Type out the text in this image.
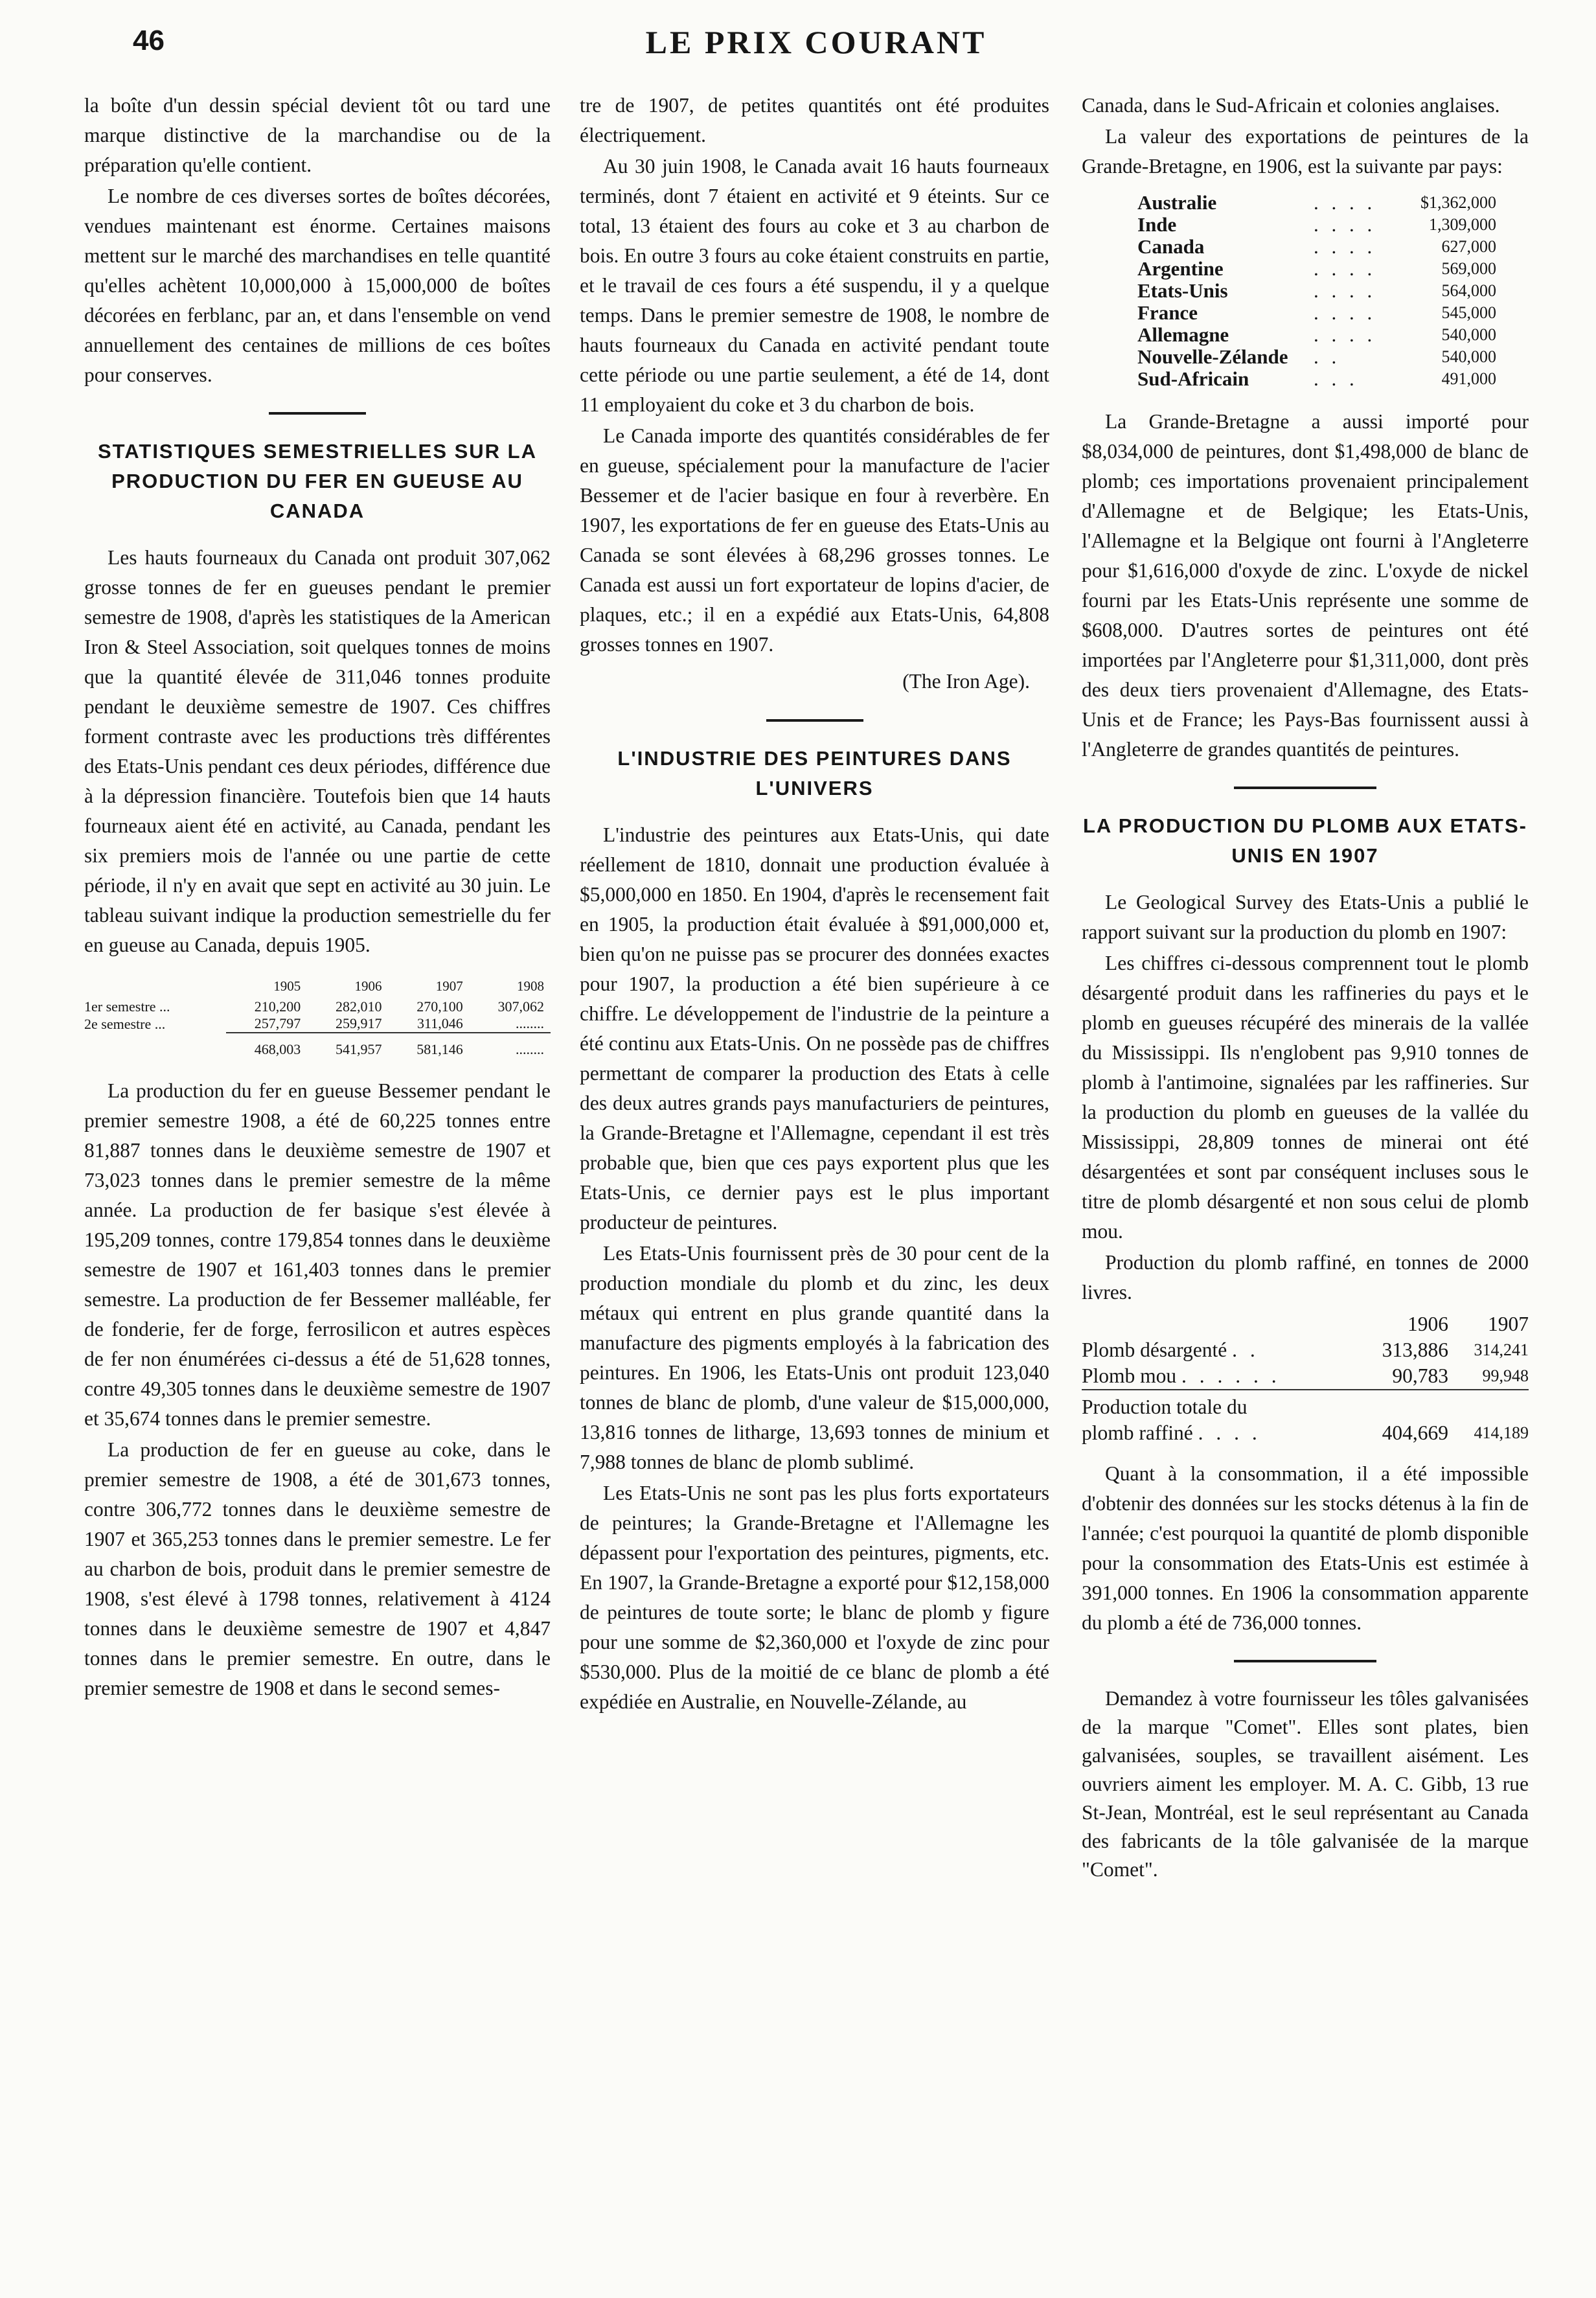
46	LE PRIX COURANT

la boîte d'un dessin spécial devient tôt ou tard une marque distinctive de la marchandise ou de la préparation qu'elle contient.

Le nombre de ces diverses sortes de boîtes décorées, vendues maintenant est énorme. Certaines maisons mettent sur le marché des marchandises en telle quantité qu'elles achètent 10,000,000 à 15,000,000 de boîtes décorées en ferblanc, par an, et dans l'ensemble on vend annuellement des centaines de millions de ces boîtes pour conserves.

STATISTIQUES SEMESTRIELLES SUR LA PRODUCTION DU FER EN GUEUSE AU CANADA

Les hauts fourneaux du Canada ont produit 307,062 grosse tonnes de fer en gueuses pendant le premier semestre de 1908, d'après les statistiques de la American Iron & Steel Association, soit quelques tonnes de moins que la quantité élevée de 311,046 tonnes produite pendant le deuxième semestre de 1907. Ces chiffres forment contraste avec les productions très différentes des Etats-Unis pendant ces deux périodes, différence due à la dépression financière. Toutefois bien que 14 hauts fourneaux aient été en activité, au Canada, pendant les six premiers mois de l'année ou une partie de cette période, il n'y en avait que sept en activité au 30 juin. Le tableau suivant indique la production semestrielle du fer en gueuse au Canada, depuis 1905.

	1905	1906	1907	1908
1er semestre ...	210,200	282,010	270,100	307,062
2e semestre ...	257,797	259,917	311,046	........
	468,003	541,957	581,146	........

La production du fer en gueuse Bessemer pendant le premier semestre 1908, a été de 60,225 tonnes entre 81,887 tonnes dans le deuxième semestre de 1907 et 73,023 tonnes dans le premier semestre de la même année. La production de fer basique s'est élevée à 195,209 tonnes, contre 179,854 tonnes dans le deuxième semestre de 1907 et 161,403 tonnes dans le premier semestre. La production de fer Bessemer malléable, fer de fonderie, fer de forge, ferrosilicon et autres espèces de fer non énumérées ci-dessus a été de 51,628 tonnes, contre 49,305 tonnes dans le deuxième semestre de 1907 et 35,674 tonnes dans le premier semestre.

La production de fer en gueuse au coke, dans le premier semestre de 1908, a été de 301,673 tonnes, contre 306,772 tonnes dans le deuxième semestre de 1907 et 365,253 tonnes dans le premier semestre. Le fer au charbon de bois, produit dans le premier semestre de 1908, s'est élevé à 1798 tonnes, relativement à 4124 tonnes dans le deuxième semestre de 1907 et 4,847 tonnes dans le premier semestre. En outre, dans le premier semestre de 1908 et dans le second semes-

tre de 1907, de petites quantités ont été produites électriquement.

Au 30 juin 1908, le Canada avait 16 hauts fourneaux terminés, dont 7 étaient en activité et 9 éteints. Sur ce total, 13 étaient des fours au coke et 3 au charbon de bois. En outre 3 fours au coke étaient construits en partie, et le travail de ces fours a été suspendu, il y a quelque temps. Dans le premier semestre de 1908, le nombre de hauts fourneaux du Canada en activité pendant toute cette période ou une partie seulement, a été de 14, dont 11 employaient du coke et 3 du charbon de bois.

Le Canada importe des quantités considérables de fer en gueuse, spécialement pour la manufacture de l'acier Bessemer et de l'acier basique en four à reverbère. En 1907, les exportations de fer en gueuse des Etats-Unis au Canada se sont élevées à 68,296 grosses tonnes. Le Canada est aussi un fort exportateur de lopins d'acier, de plaques, etc.; il en a expédié aux Etats-Unis, 64,808 grosses tonnes en 1907.

(The Iron Age).
L'INDUSTRIE DES PEINTURES DANS L'UNIVERS

L'industrie des peintures aux Etats-Unis, qui date réellement de 1810, donnait une production évaluée à $5,000,000 en 1850. En 1904, d'après le recensement fait en 1905, la production était évaluée à $91,000,000 et, bien qu'on ne puisse pas se procurer des données exactes pour 1907, la production a été bien supérieure à ce chiffre. Le développement de l'industrie de la peinture a été continu aux Etats-Unis. On ne possède pas de chiffres permettant de comparer la production des Etats à celle des deux autres grands pays manufacturiers de peintures, la Grande-Bretagne et l'Allemagne, cependant il est très probable que, bien que ces pays exportent plus que les Etats-Unis, ce dernier pays est le plus important producteur de peintures.

Les Etats-Unis fournissent près de 30 pour cent de la production mondiale du plomb et du zinc, les deux métaux qui entrent en plus grande quantité dans la manufacture des pigments employés à la fabrication des peintures. En 1906, les Etats-Unis ont produit 123,040 tonnes de blanc de plomb, d'une valeur de $15,000,000, 13,816 tonnes de litharge, 13,693 tonnes de minium et 7,988 tonnes de blanc de plomb sublimé.

Les Etats-Unis ne sont pas les plus forts exportateurs de peintures; la Grande-Bretagne et l'Allemagne les dépassent pour l'exportation des peintures, pigments, etc. En 1907, la Grande-Bretagne a exporté pour $12,158,000 de peintures de toute sorte; le blanc de plomb y figure pour une somme de $2,360,000 et l'oxyde de zinc pour $530,000. Plus de la moitié de ce blanc de plomb a été expédiée en Australie, en Nouvelle-Zélande, au

Canada, dans le Sud-Africain et colonies anglaises.

La valeur des exportations de peintures de la Grande-Bretagne, en 1906, est la suivante par pays:

Australie	. . . .	$1,362,000
Inde	. . . .	1,309,000
Canada	. . . .	627,000
Argentine	. . . .	569,000
Etats-Unis	. . . .	564,000
France	. . . .	545,000
Allemagne	. . . .	540,000
Nouvelle-Zélande	. .	540,000
Sud-Africain	. . .	491,000

La Grande-Bretagne a aussi importé pour $8,034,000 de peintures, dont $1,498,000 de blanc de plomb; ces importations provenaient principalement d'Allemagne et de Belgique; les Etats-Unis, l'Allemagne et la Belgique ont fourni à l'Angleterre pour $1,616,000 d'oxyde de zinc. L'oxyde de nickel fourni par les Etats-Unis représente une somme de $608,000. D'autres sortes de peintures ont été importées par l'Angleterre pour $1,311,000, dont près des deux tiers provenaient d'Allemagne, des Etats-Unis et de France; les Pays-Bas fournissent aussi à l'Angleterre de grandes quantités de peintures.

LA PRODUCTION DU PLOMB AUX ETATS-UNIS EN 1907

Le Geological Survey des Etats-Unis a publié le rapport suivant sur la production du plomb en 1907:

Les chiffres ci-dessous comprennent tout le plomb désargenté produit dans les raffineries du pays et le plomb en gueuses récupéré des minerais de la vallée du Mississippi. Ils n'englobent pas 9,910 tonnes de plomb à l'antimoine, signalées par les raffineries. Sur la production du plomb en gueuses de la vallée du Mississippi, 28,809 tonnes de minerai ont été désargentées et sont par conséquent incluses sous le titre de plomb désargenté et non sous celui de plomb mou.

Production du plomb raffiné, en tonnes de 2000 livres.

	1906	1907
Plomb désargenté . .	313,886	314,241
Plomb mou . . . . . .	90,783	99,948

Production totale du
plomb raffiné . . . .	404,669	414,189

Quant à la consommation, il a été impossible d'obtenir des données sur les stocks détenus à la fin de l'année; c'est pourquoi la quantité de plomb disponible pour la consommation des Etats-Unis est estimée à 391,000 tonnes. En 1906 la consommation apparente du plomb a été de 736,000 tonnes.

Demandez à votre fournisseur les tôles galvanisées de la marque "Comet". Elles sont plates, bien galvanisées, souples, se travaillent aisément. Les ouvriers aiment les employer. M. A. C. Gibb, 13 rue St-Jean, Montréal, est le seul représentant au Canada des fabricants de la tôle galvanisée de la marque "Comet".
